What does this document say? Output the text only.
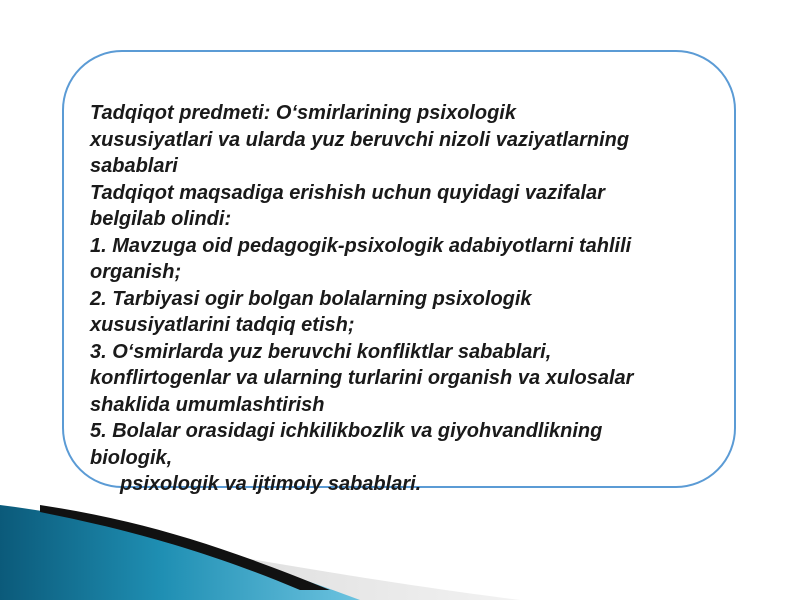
Tadqiqot predmeti: O‘smirlarining psixologik
xususiyatlari va ularda yuz beruvchi nizoli vaziyatlarning
sabablari
Tadqiqot maqsadiga erishish uchun quyidagi vazifalar
belgilab olindi:
1. Mavzuga oid pedagogik-psixologik adabiyotlarni tahlili
organish;
2. Tarbiyasi ogir bolgan bolalarning psixologik
xususiyatlarini tadqiq etish;
3. O‘smirlarda yuz beruvchi konfliktlar sabablari,
konflirtogenlar va ularning turlarini organish va xulosalar
shaklida umumlashtirish
5. Bolalar orasidagi ichkilikbozlik va giyohvandlikning
biologik,
psixologik va ijtimoiy sabablari.
